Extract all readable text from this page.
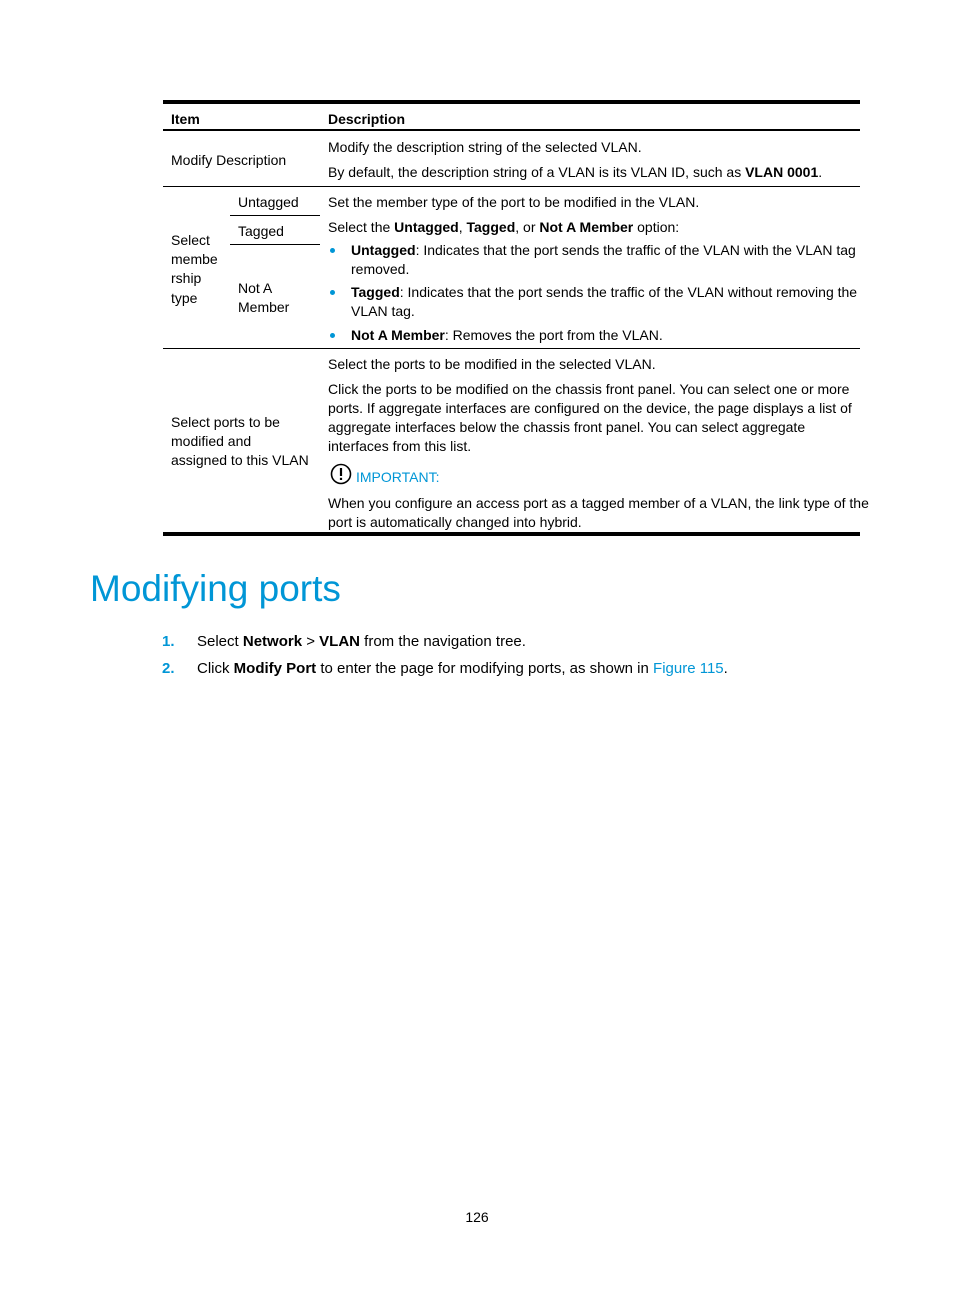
Item	Description
Modify Description
Modify the description string of the selected VLAN.
By default, the description string of a VLAN is its VLAN ID, such as VLAN 0001.
Select
membe
rship
type
Untagged
Tagged
Not A
Member
Set the member type of the port to be modified in the VLAN.
Select the Untagged, Tagged, or Not A Member option:
Untagged: Indicates that the port sends the traffic of the VLAN with the VLAN tag
removed.
Tagged: Indicates that the port sends the traffic of the VLAN without removing the
VLAN tag.
Not A Member: Removes the port from the VLAN.
Select ports to be
modified and
assigned to this VLAN
Select the ports to be modified in the selected VLAN.
Click the ports to be modified on the chassis front panel. You can select one or more
ports. If aggregate interfaces are configured on the device, the page displays a list of
aggregate interfaces below the chassis front panel. You can select aggregate
interfaces from this list.
IMPORTANT:
When you configure an access port as a tagged member of a VLAN, the link type of the
port is automatically changed into hybrid.
Modifying ports
1. Select Network > VLAN from the navigation tree.
2. Click Modify Port to enter the page for modifying ports, as shown in Figure 115.
126
